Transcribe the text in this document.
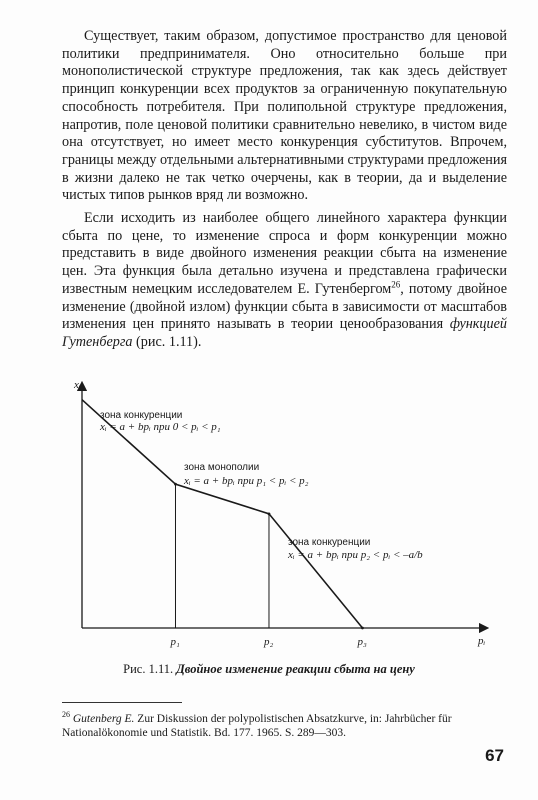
Существует, таким образом, допустимое пространство для ценовой политики предпринимателя. Оно относительно больше при монополистической структуре предложения, так как здесь действует принцип конкуренции всех продуктов за ограниченную покупательную способность потребителя. При полипольной структуре предложения, напротив, поле ценовой политики сравнительно невелико, в чистом виде она отсутствует, но имеет место конкуренция субститутов. Впрочем, границы между отдельными альтернативными структурами предложения в жизни далеко не так четко очерчены, как в теории, да и выделение чистых типов рынков вряд ли возможно.

Если исходить из наиболее общего линейного характера функции сбыта по цене, то изменение спроса и форм конкуренции можно представить в виде двойного изменения реакции сбыта на изменение цен. Эта функция была детально изучена и представлена графически известным немецким исследователем Е. Гутенбергом$^{26}$, потому двойное изменение (двойной излом) функции сбыта в зависимости от масштабов изменения цен принято называть в теории ценообразования функцией Гутенберга (рис. 1.11).

p₁	p₂	p₃
xᵢ
pᵢ
зона конкуренции
xᵢ = a + bpᵢ при 0 < pᵢ < p₁
зона монополии
xᵢ = a + bpᵢ при p₁ < pᵢ < p₂
зона конкуренции
xᵢ = a + bpᵢ при p₂ < pᵢ < –a/b
Рис. 1.11. Двойное изменение реакции сбыта на цену
$^{26}$ Gutenberg E. Zur Diskussion der polypolistischen Absatzkurve, in: Jahrbücher für Nationalökonomie und Statistik. Bd. 177. 1965. S. 289—303.
67
